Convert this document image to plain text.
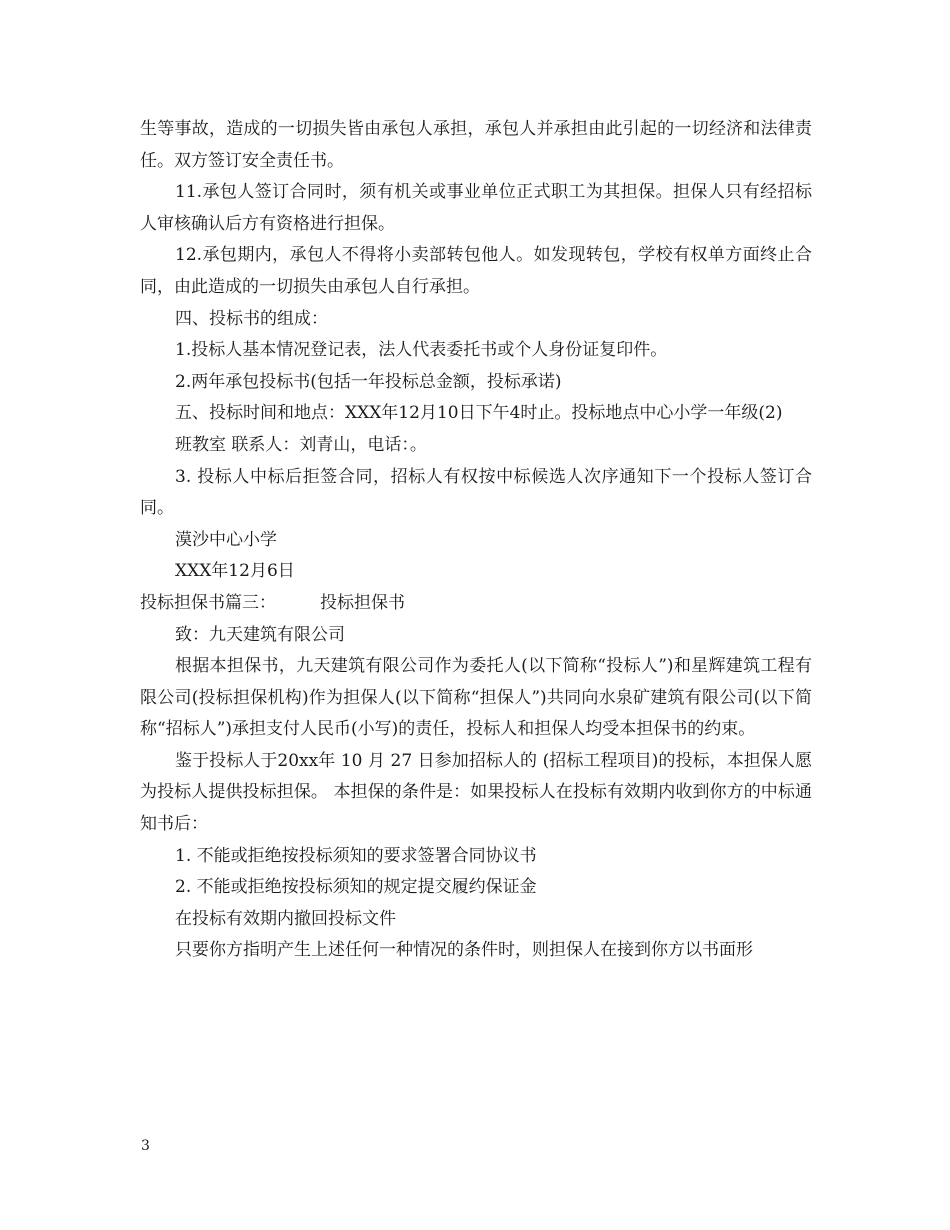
生等事故，造成的一切损失皆由承包人承担，承包人并承担由此引起的一切经济和法律责任。双方签订安全责任书。

11.承包人签订合同时，须有机关或事业单位正式职工为其担保。担保人只有经招标人审核确认后方有资格进行担保。

12.承包期内，承包人不得将小卖部转包他人。如发现转包，学校有权单方面终止合同，由此造成的一切损失由承包人自行承担。

四、投标书的组成：

1.投标人基本情况登记表，法人代表委托书或个人身份证复印件。

2.两年承包投标书(包括一年投标总金额，投标承诺)

五、投标时间和地点：XXX年12月10日下午4时止。投标地点中心小学一年级(2)

班教室 联系人：刘青山，电话：。

3. 投标人中标后拒签合同，招标人有权按中标候选人次序通知下一个投标人签订合同。

漠沙中心小学

XXX年12月6日

投标担保书篇三：	投标担保书

致：九天建筑有限公司

根据本担保书，九天建筑有限公司作为委托人(以下简称“投标人”)和星辉建筑工程有限公司(投标担保机构)作为担保人(以下简称“担保人”)共同向水泉矿建筑有限公司(以下简称“招标人”)承担支付人民币(小写)的责任，投标人和担保人均受本担保书的约束。

鉴于投标人于20xx年 10 月 27 日参加招标人的 (招标工程项目)的投标，本担保人愿为投标人提供投标担保。 本担保的条件是：如果投标人在投标有效期内收到你方的中标通知书后：

1. 不能或拒绝按投标须知的要求签署合同协议书

2. 不能或拒绝按投标须知的规定提交履约保证金

在投标有效期内撤回投标文件

只要你方指明产生上述任何一种情况的条件时，则担保人在接到你方以书面形

3
